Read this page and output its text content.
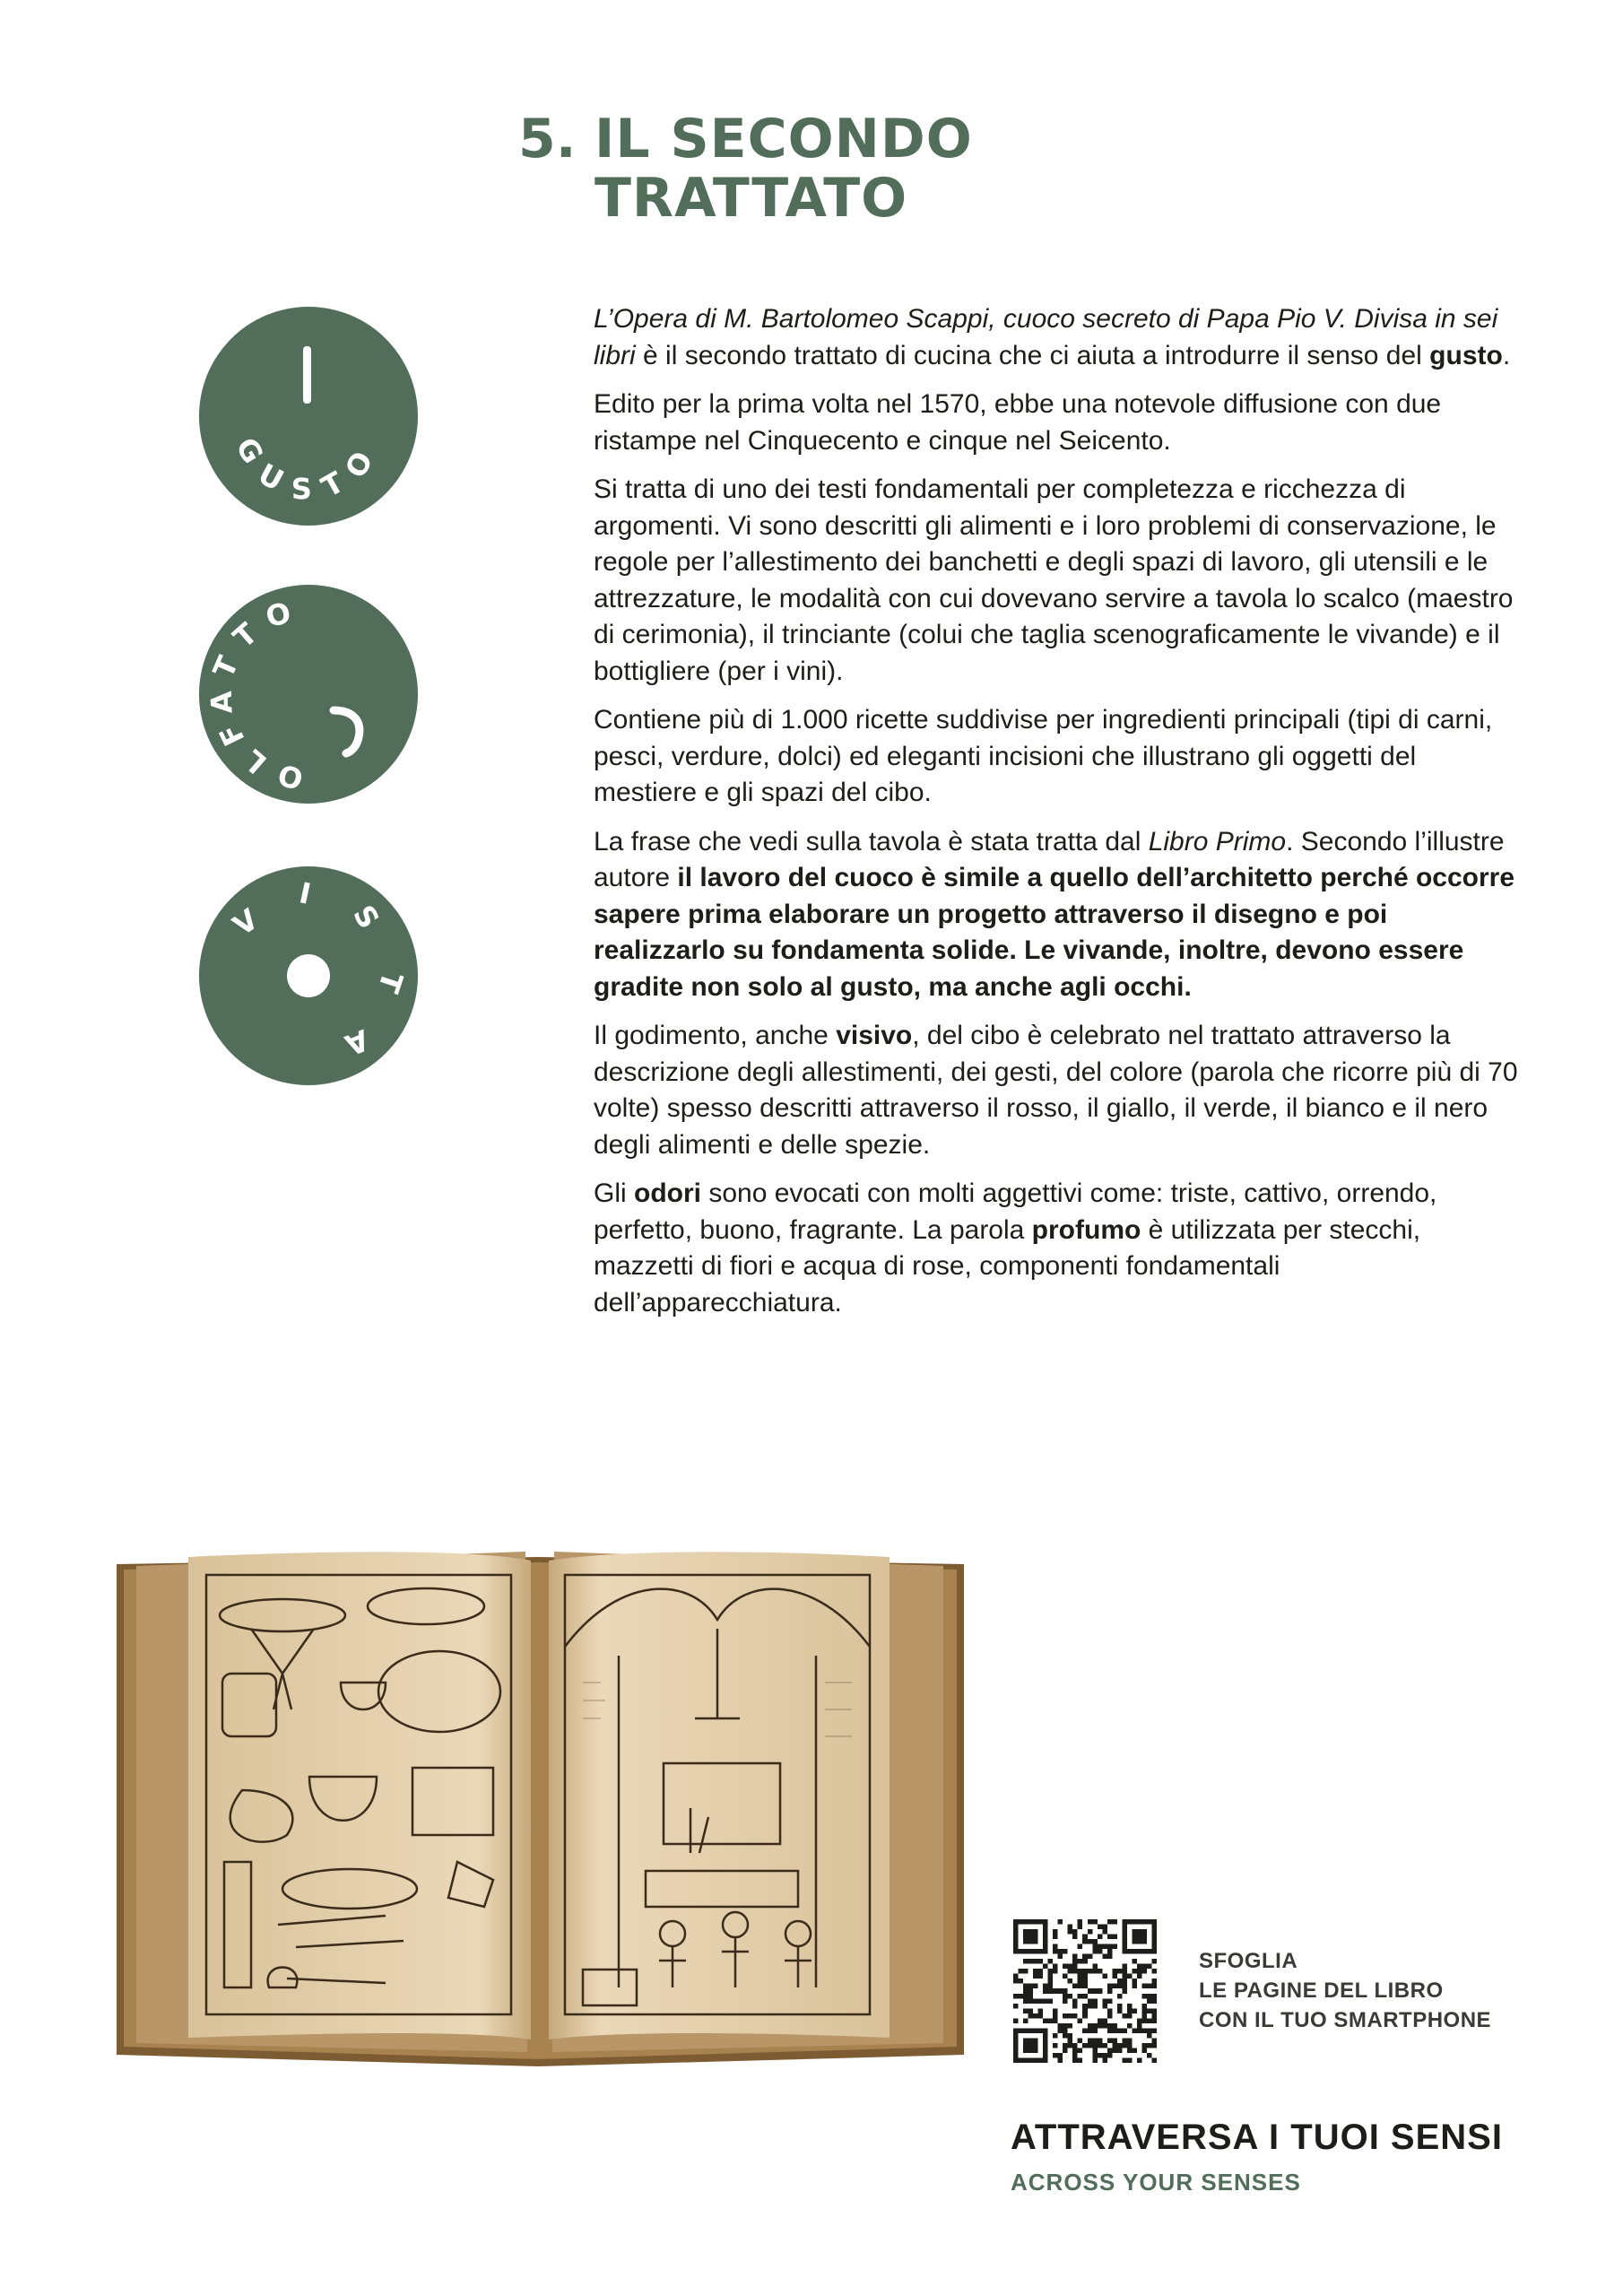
5. IL SECONDO
TRATTATO
GUSTO
OLFATTO
VISTA

L’Opera di M. Bartolomeo Scappi, cuoco secreto di Papa Pio V. Divisa in sei libri è il secondo trattato di cucina che ci aiuta a introdurre il senso del gusto.

Edito per la prima volta nel 1570, ebbe una notevole diffusione con due ristampe nel Cinquecento e cinque nel Seicento.

Si tratta di uno dei testi fondamentali per completezza e ricchezza di argomenti. Vi sono descritti gli alimenti e i loro problemi di conservazione, le regole per l’allestimento dei banchetti e degli spazi di lavoro, gli utensili e le attrezzature, le modalità con cui dovevano servire a tavola lo scalco (maestro di cerimonia), il trinciante (colui che taglia scenograficamente le vivande) e il bottigliere (per i vini).

Contiene più di 1.000 ricette suddivise per ingredienti principali (tipi di carni, pesci, verdure, dolci) ed eleganti incisioni che illustrano gli oggetti del mestiere e gli spazi del cibo.

La frase che vedi sulla tavola è stata tratta dal Libro Primo. Secondo l’illustre autore il lavoro del cuoco è simile a quello dell’architetto perché occorre sapere prima elaborare un progetto attraverso il disegno e poi realizzarlo su fondamenta solide. Le vivande, inoltre, devono essere gradite non solo al gusto, ma anche agli occhi.

Il godimento, anche visivo, del cibo è celebrato nel trattato attraverso la descrizione degli allestimenti, dei gesti, del colore (parola che ricorre più di 70 volte) spesso descritti attraverso il rosso, il giallo, il verde, il bianco e il nero degli alimenti e delle spezie.

Gli odori sono evocati con molti aggettivi come: triste, cattivo, orrendo, perfetto, buono, fragrante. La parola profumo è utilizzata per stecchi, mazzetti di fiori e acqua di rose, componenti fondamentali dell’apparecchiatura.

SFOGLIA
LE PAGINE DEL LIBRO
CON IL TUO SMARTPHONE
ATTRAVERSA I TUOI SENSI
ACROSS YOUR SENSES
